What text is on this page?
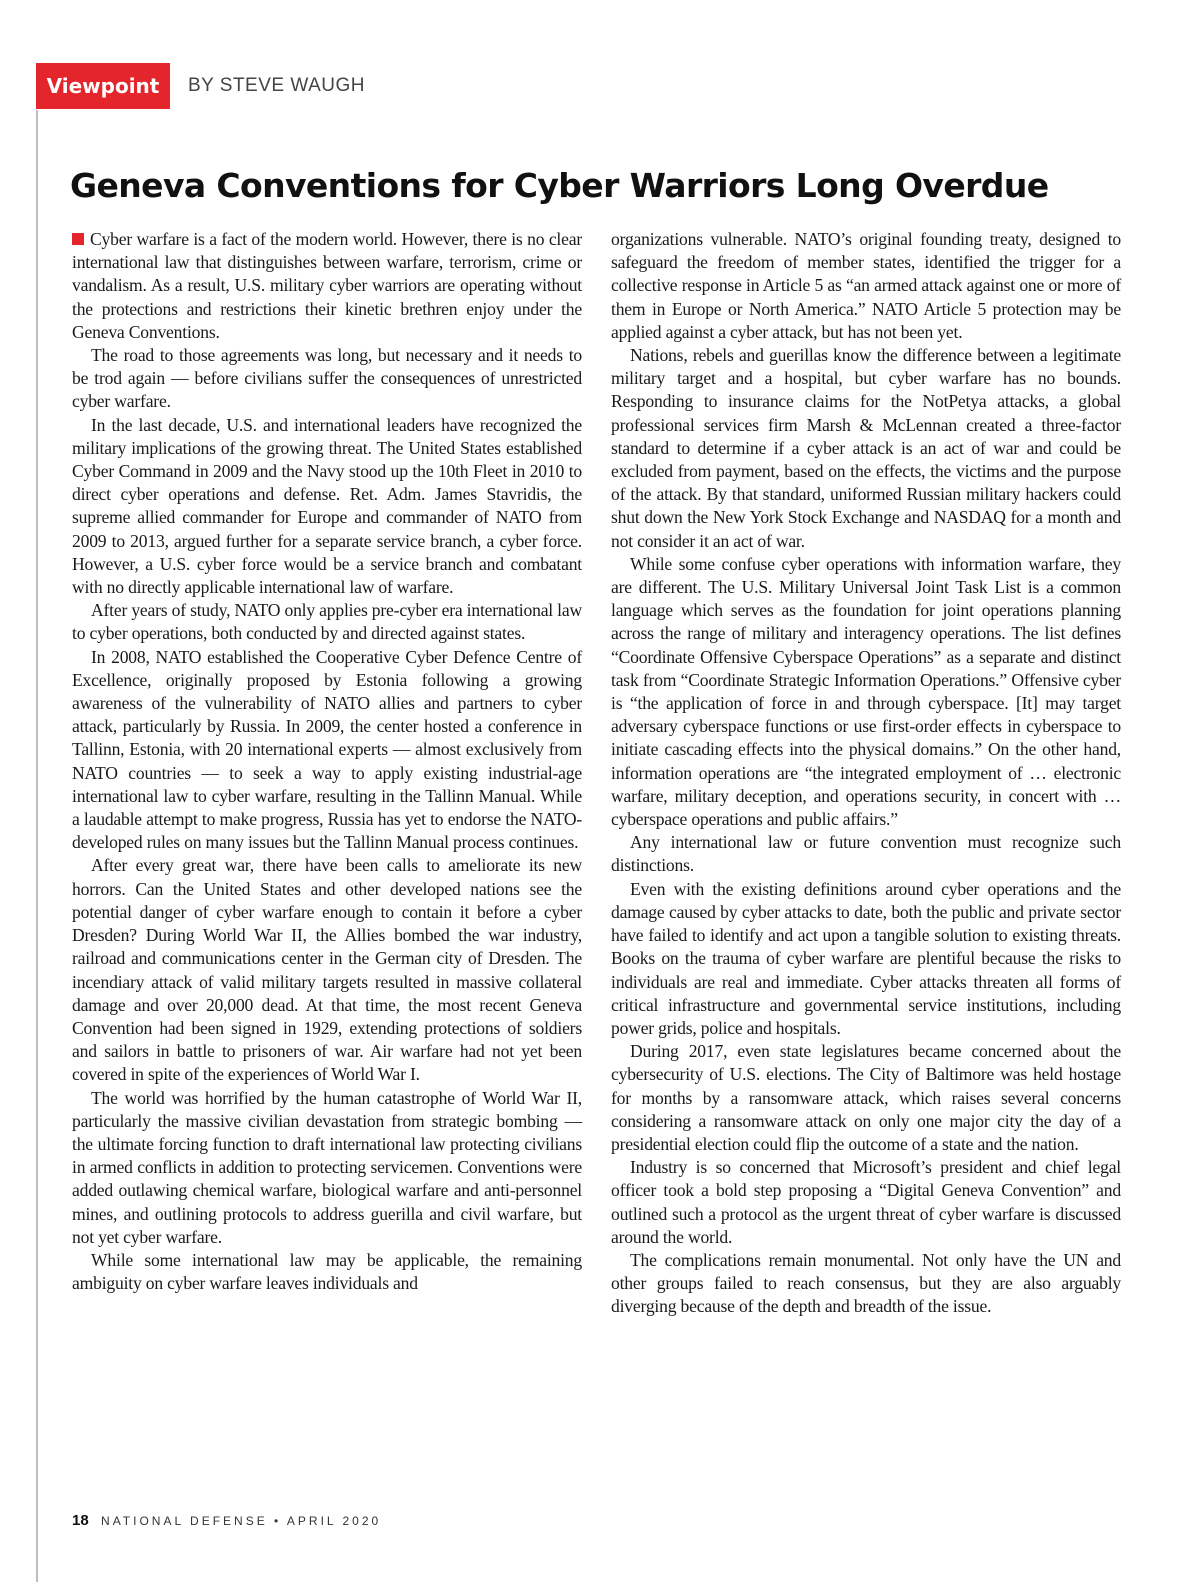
Viewpoint	BY STEVE WAUGH
Geneva Conventions for Cyber Warriors Long Overdue

Cyber warfare is a fact of the modern world. However, there is no clear international law that distinguishes between warfare, terrorism, crime or vandalism. As a result, U.S. military cyber warriors are operating without the protections and restrictions their kinetic brethren enjoy under the Geneva Conventions.

The road to those agreements was long, but necessary and it needs to be trod again — before civilians suffer the consequences of unrestricted cyber warfare.

In the last decade, U.S. and international leaders have recognized the military implications of the growing threat. The United States established Cyber Command in 2009 and the Navy stood up the 10th Fleet in 2010 to direct cyber operations and defense. Ret. Adm. James Stavridis, the supreme allied commander for Europe and commander of NATO from 2009 to 2013, argued further for a separate service branch, a cyber force. However, a U.S. cyber force would be a service branch and combatant with no directly applicable international law of warfare.

After years of study, NATO only applies pre-cyber era international law to cyber operations, both conducted by and directed against states.

In 2008, NATO established the Cooperative Cyber Defence Centre of Excellence, originally proposed by Estonia following a growing awareness of the vulnerability of NATO allies and partners to cyber attack, particularly by Russia. In 2009, the center hosted a conference in Tallinn, Estonia, with 20 international experts — almost exclusively from NATO countries — to seek a way to apply existing industrial-age international law to cyber warfare, resulting in the Tallinn Manual. While a laudable attempt to make progress, Russia has yet to endorse the NATO-developed rules on many issues but the Tallinn Manual process continues.

After every great war, there have been calls to ameliorate its new horrors. Can the United States and other developed nations see the potential danger of cyber warfare enough to contain it before a cyber Dresden? During World War II, the Allies bombed the war industry, railroad and communications center in the German city of Dresden. The incendiary attack of valid military targets resulted in massive collateral damage and over 20,000 dead. At that time, the most recent Geneva Convention had been signed in 1929, extending protections of soldiers and sailors in battle to prisoners of war. Air warfare had not yet been covered in spite of the experiences of World War I.

The world was horrified by the human catastrophe of World War II, particularly the massive civilian devastation from strategic bombing — the ultimate forcing function to draft international law protecting civilians in armed conflicts in addition to protecting servicemen. Conventions were added outlawing chemical warfare, biological warfare and anti-personnel mines, and outlining protocols to address guerilla and civil warfare, but not yet cyber warfare.

While some international law may be applicable, the remaining ambiguity on cyber warfare leaves individuals and

organizations vulnerable. NATO’s original founding treaty, designed to safeguard the freedom of member states, identified the trigger for a collective response in Article 5 as “an armed attack against one or more of them in Europe or North America.” NATO Article 5 protection may be applied against a cyber attack, but has not been yet.

Nations, rebels and guerillas know the difference between a legitimate military target and a hospital, but cyber warfare has no bounds. Responding to insurance claims for the NotPetya attacks, a global professional services firm Marsh & McLennan created a three-factor standard to determine if a cyber attack is an act of war and could be excluded from payment, based on the effects, the victims and the purpose of the attack. By that standard, uniformed Russian military hackers could shut down the New York Stock Exchange and NASDAQ for a month and not consider it an act of war.

While some confuse cyber operations with information warfare, they are different. The U.S. Military Universal Joint Task List is a common language which serves as the foundation for joint operations planning across the range of military and interagency operations. The list defines “Coordinate Offensive Cyberspace Operations” as a separate and distinct task from “Coordinate Strategic Information Operations.” Offensive cyber is “the application of force in and through cyberspace. [It] may target adversary cyberspace functions or use first-order effects in cyberspace to initiate cascading effects into the physical domains.” On the other hand, information operations are “the integrated employment of … electronic warfare, military deception, and operations security, in concert with … cyberspace operations and public affairs.”

Any international law or future convention must recognize such distinctions.

Even with the existing definitions around cyber operations and the damage caused by cyber attacks to date, both the public and private sector have failed to identify and act upon a tangible solution to existing threats. Books on the trauma of cyber warfare are plentiful because the risks to individuals are real and immediate. Cyber attacks threaten all forms of critical infrastructure and governmental service institutions, including power grids, police and hospitals.

During 2017, even state legislatures became concerned about the cybersecurity of U.S. elections. The City of Baltimore was held hostage for months by a ransomware attack, which raises several concerns considering a ransomware attack on only one major city the day of a presidential election could flip the outcome of a state and the nation.

Industry is so concerned that Microsoft’s president and chief legal officer took a bold step proposing a “Digital Geneva Convention” and outlined such a protocol as the urgent threat of cyber warfare is discussed around the world.

The complications remain monumental. Not only have the UN and other groups failed to reach consensus, but they are also arguably diverging because of the depth and breadth of the issue.

18 NATIONAL DEFENSE • APRIL 2020
